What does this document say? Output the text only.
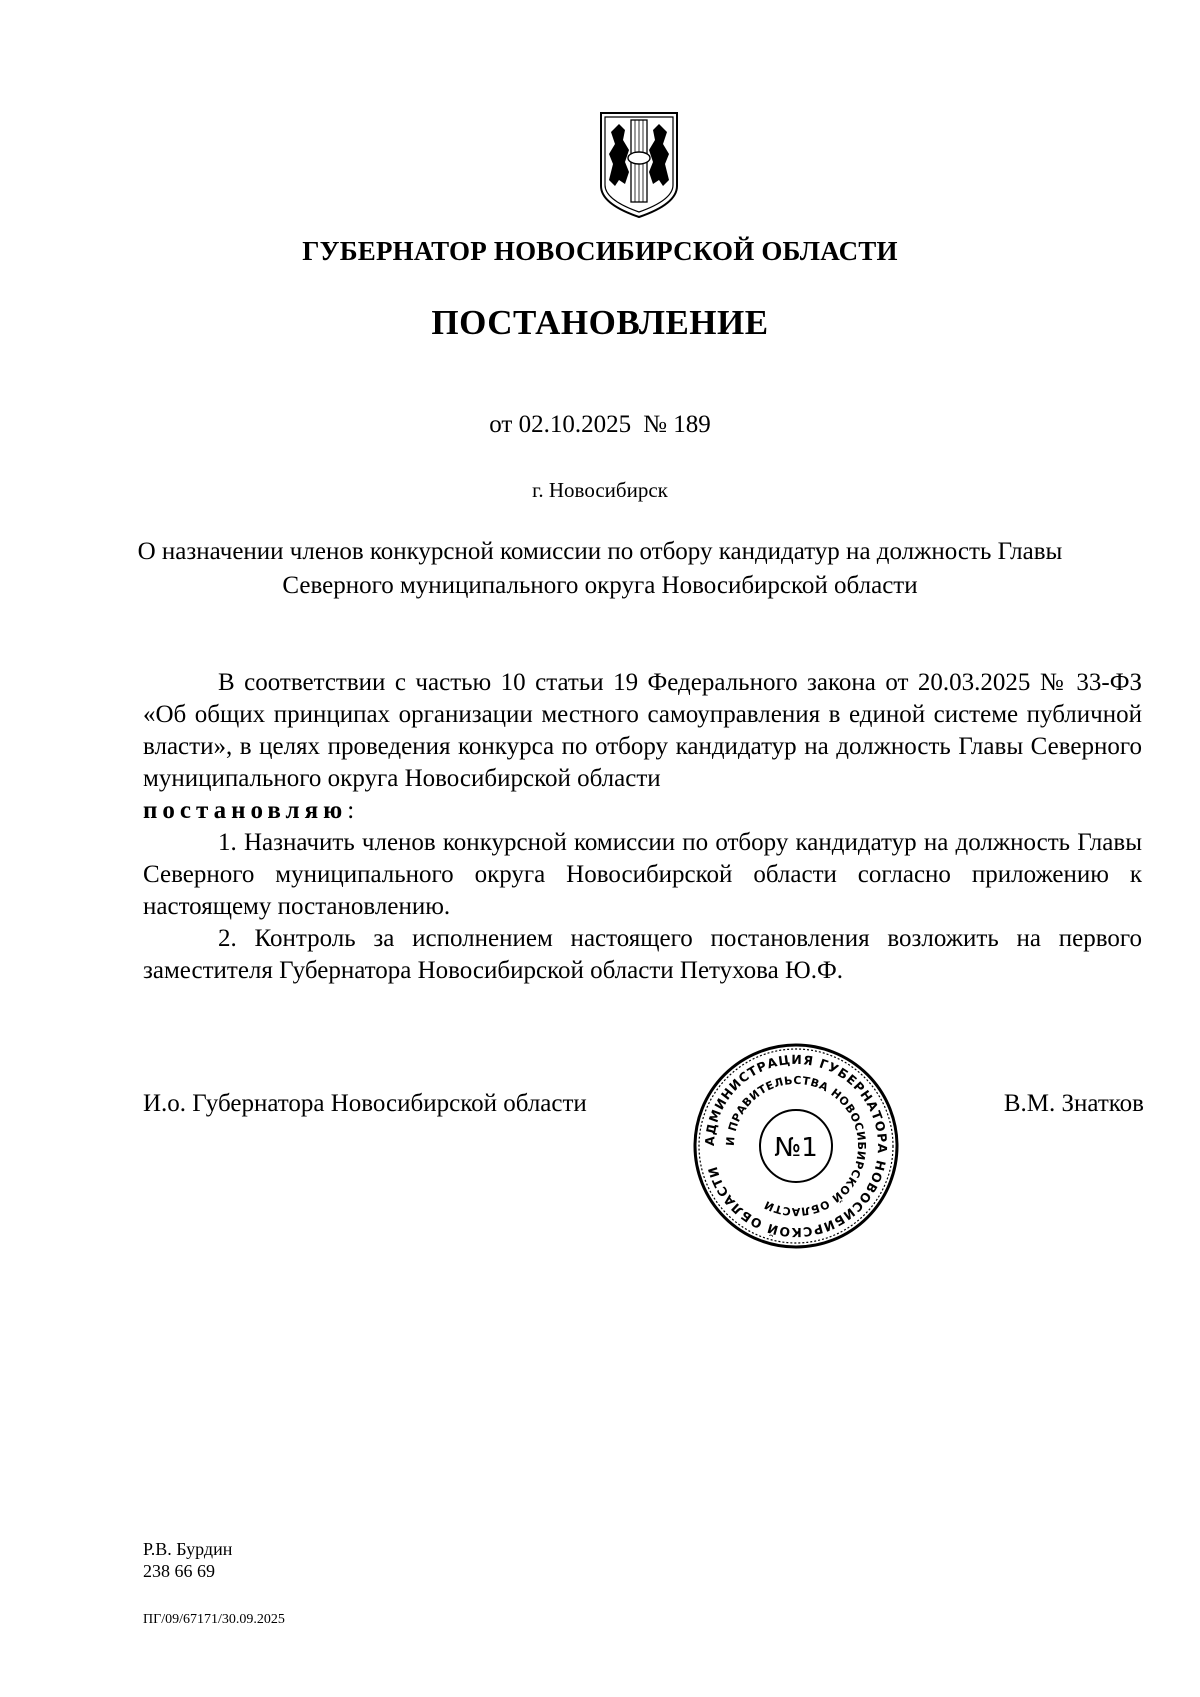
ГУБЕРНАТОР НОВОСИБИРСКОЙ ОБЛАСТИ
ПОСТАНОВЛЕНИЕ
от 02.10.2025 № 189
г. Новосибирск
О назначении членов конкурсной комиссии по отбору кандидатур на должность Главы Северного муниципального округа Новосибирской области

В соответствии с частью 10 статьи 19 Федерального закона от 20.03.2025 № 33-ФЗ «Об общих принципах организации местного самоуправления в единой системе публичной власти», в целях проведения конкурса по отбору кандидатур на должность Главы Северного муниципального округа Новосибирской области

постановляю:

1. Назначить членов конкурсной комиссии по отбору кандидатур на должность Главы Северного муниципального округа Новосибирской области согласно приложению к настоящему постановлению.

2. Контроль за исполнением настоящего постановления возложить на первого заместителя Губернатора Новосибирской области Петухова Ю.Ф.

И.о. Губернатора Новосибирской области	В.М. Знатков
АДМИНИСТРАЦИЯ ГУБЕРНАТОРА НОВОСИБИРСКОЙ ОБЛАСТИ
И ПРАВИТЕЛЬСТВА НОВОСИБИРСКОЙ ОБЛАСТИ
№1
Р.В. Бурдин
238 66 69
ПГ/09/67171/30.09.2025
